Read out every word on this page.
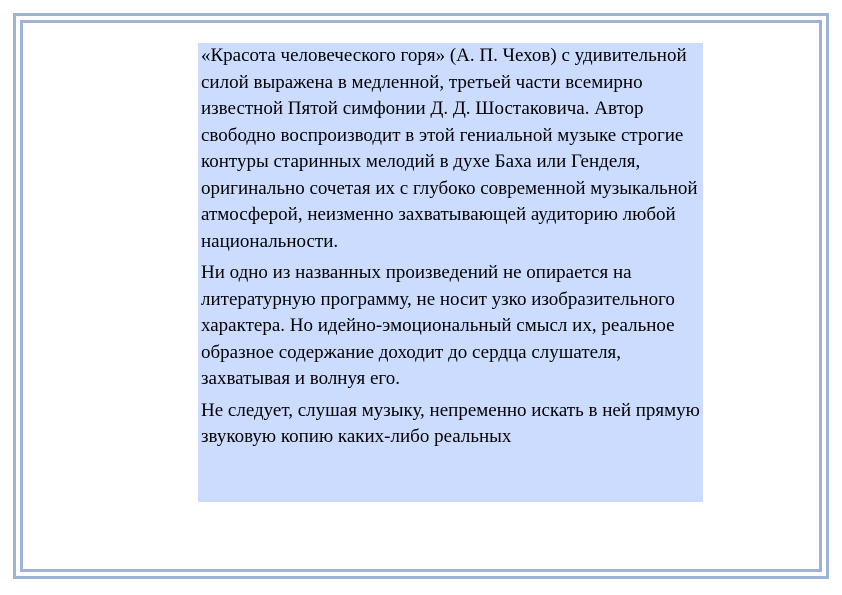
«Красота человеческого горя» (А. П. Чехов) с удивительной силой выражена в медленной, третьей части всемирно известной Пятой симфонии Д. Д. Шостаковича. Автор свободно воспроизводит в этой гениальной музыке строгие контуры старинных мелодий в духе Баха или Генделя, оригинально сочетая их с глубоко современной музыкальной атмосферой, неизменно захватывающей аудиторию любой национальности.

Ни одно из названных произведений не опирается на литературную программу, не носит узко изобразительного характера. Но идейно-эмоциональный смысл их, реальное образное содержание доходит до сердца слушателя, захватывая и волнуя его.

Не следует, слушая музыку, непременно искать в ней прямую звуковую копию каких-либо реальных
